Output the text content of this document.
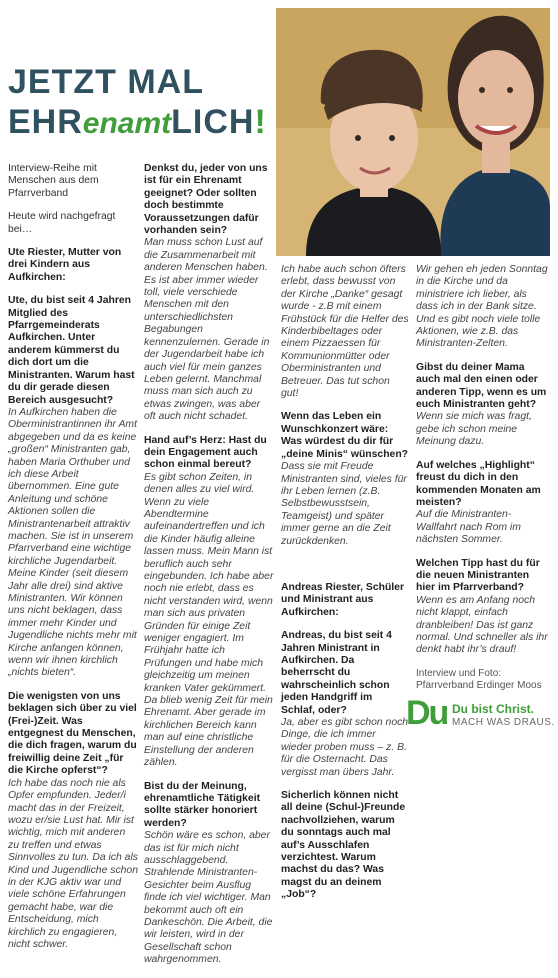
JETZT MAL
EHRenamtLICH!

Interview-Reihe mit Menschen aus dem Pfarrverband

Heute wird nachgefragt bei…

Ute Riester, Mutter von drei Kindern aus Aufkirchen:

Ute, du bist seit 4 Jahren Mitglied des Pfarrgemeinderats Aufkirchen. Unter anderem kümmerst du dich dort um die Ministranten. Warum hast du dir gerade diesen Bereich ausgesucht?

In Aufkirchen haben die Oberministrantinnen ihr Amt abgegeben und da es keine „großen“ Ministranten gab, haben Maria Orthuber und ich diese Arbeit übernommen. Eine gute Anleitung und schöne Aktionen sollen die Ministrantenarbeit attraktiv machen. Sie ist in unserem Pfarrverband eine wichtige kirchliche Jugendarbeit. Meine Kinder (seit diesem Jahr alle drei) sind aktive Ministranten. Wir können uns nicht beklagen, dass immer mehr Kinder und Jugendliche nichts mehr mit Kirche anfangen können, wenn wir ihnen kirchlich „nichts bieten“.

Die wenigsten von uns beklagen sich über zu viel (Frei-)Zeit. Was entgegnest du Menschen, die dich fragen, warum du freiwillig deine Zeit „für die Kirche opferst“?

Ich habe das noch nie als Opfer empfunden. Jeder/i macht das in der Freizeit, wozu er/sie Lust hat. Mir ist wichtig, mich mit anderen zu treffen und etwas Sinnvolles zu tun. Da ich als Kind und Jugendliche schon in der KJG aktiv war und viele schöne Erfahrungen gemacht habe, war die Entscheidung, mich kirchlich zu engagieren, nicht schwer.

Denkst du, jeder von uns ist für ein Ehrenamt geeignet? Oder sollten doch bestimmte Voraussetzungen dafür vorhanden sein?

Man muss schon Lust auf die Zusammenarbeit mit anderen Menschen haben. Es ist aber immer wieder toll, viele verschiede Menschen mit den unterschiedlichsten Begabungen kennenzulernen. Gerade in der Jugendarbeit habe ich auch viel für mein ganzes Leben gelernt. Manchmal muss man sich auch zu etwas zwingen, was aber oft auch nicht schadet.

Hand auf’s Herz: Hast du dein Engagement auch schon einmal bereut?

Es gibt schon Zeiten, in denen alles zu viel wird. Wenn zu viele Abendtermine aufeinandertreffen und ich die Kinder häufig alleine lassen muss. Mein Mann ist beruflich auch sehr eingebunden. Ich habe aber noch nie erlebt, dass es nicht verstanden wird, wenn man sich aus privaten Gründen für einige Zeit weniger engagiert. Im Frühjahr hatte ich Prüfungen und habe mich gleichzeitig um meinen kranken Vater gekümmert. Da blieb wenig Zeit für mein Ehrenamt. Aber gerade im kirchlichen Bereich kann man auf eine christliche Einstellung der anderen zählen.

Bist du der Meinung, ehrenamtliche Tätigkeit sollte stärker honoriert werden?

Schön wäre es schon, aber das ist für mich nicht ausschlaggebend. Strahlende Ministranten-Gesichter beim Ausflug finde ich viel wichtiger. Man bekommt auch oft ein Dankeschön. Die Arbeit, die wir leisten, wird in der Gesellschaft schon wahrgenommen.

Ich habe auch schon öfters erlebt, dass bewusst von der Kirche „Danke“ gesagt wurde - z.B mit einem Frühstück für die Helfer des Kinderbibeltages oder einem Pizzaessen für Kommunionmütter oder Oberministranten und Betreuer. Das tut schon gut!

Wenn das Leben ein Wunschkonzert wäre: Was würdest du dir für „deine Minis“ wünschen?

Dass sie mit Freude Ministranten sind, vieles für ihr Leben lernen (z.B. Selbstbewusstsein, Teamgeist) und später immer gerne an die Zeit zurückdenken.

Andreas Riester, Schüler und Ministrant aus Aufkirchen:

Andreas, du bist seit 4 Jahren Ministrant in Aufkirchen. Da beherrscht du wahrscheinlich schon jeden Handgriff im Schlaf, oder?

Ja, aber es gibt schon noch Dinge, die ich immer wieder proben muss – z. B. für die Osternacht. Das vergisst man übers Jahr.

Sicherlich können nicht all deine (Schul-)Freunde nachvollziehen, warum du sonntags auch mal auf’s Ausschlafen verzichtest. Warum machst du das? Was magst du an deinem „Job“?

Wir gehen eh jeden Sonntag in die Kirche und da ministriere ich lieber, als dass ich in der Bank sitze. Und es gibt noch viele tolle Aktionen, wie z.B. das Ministranten-Zelten.

Gibst du deiner Mama auch mal den einen oder anderen Tipp, wenn es um euch Ministranten geht?

Wenn sie mich was fragt, gebe ich schon meine Meinung dazu.

Auf welches „Highlight“ freust du dich in den kommenden Monaten am meisten?

Auf die Ministranten-Wallfahrt nach Rom im nächsten Sommer.

Welchen Tipp hast du für die neuen Ministranten hier im Pfarrverband?

Wenn es am Anfang noch nicht klappt, einfach dranbleiben! Das ist ganz normal. Und schneller als ihr denkt habt ihr’s drauf!

Interview und Foto: Pfarrverband Erdinger Moos

Du Du bist Christ.
MACH WAS DRAUS.
